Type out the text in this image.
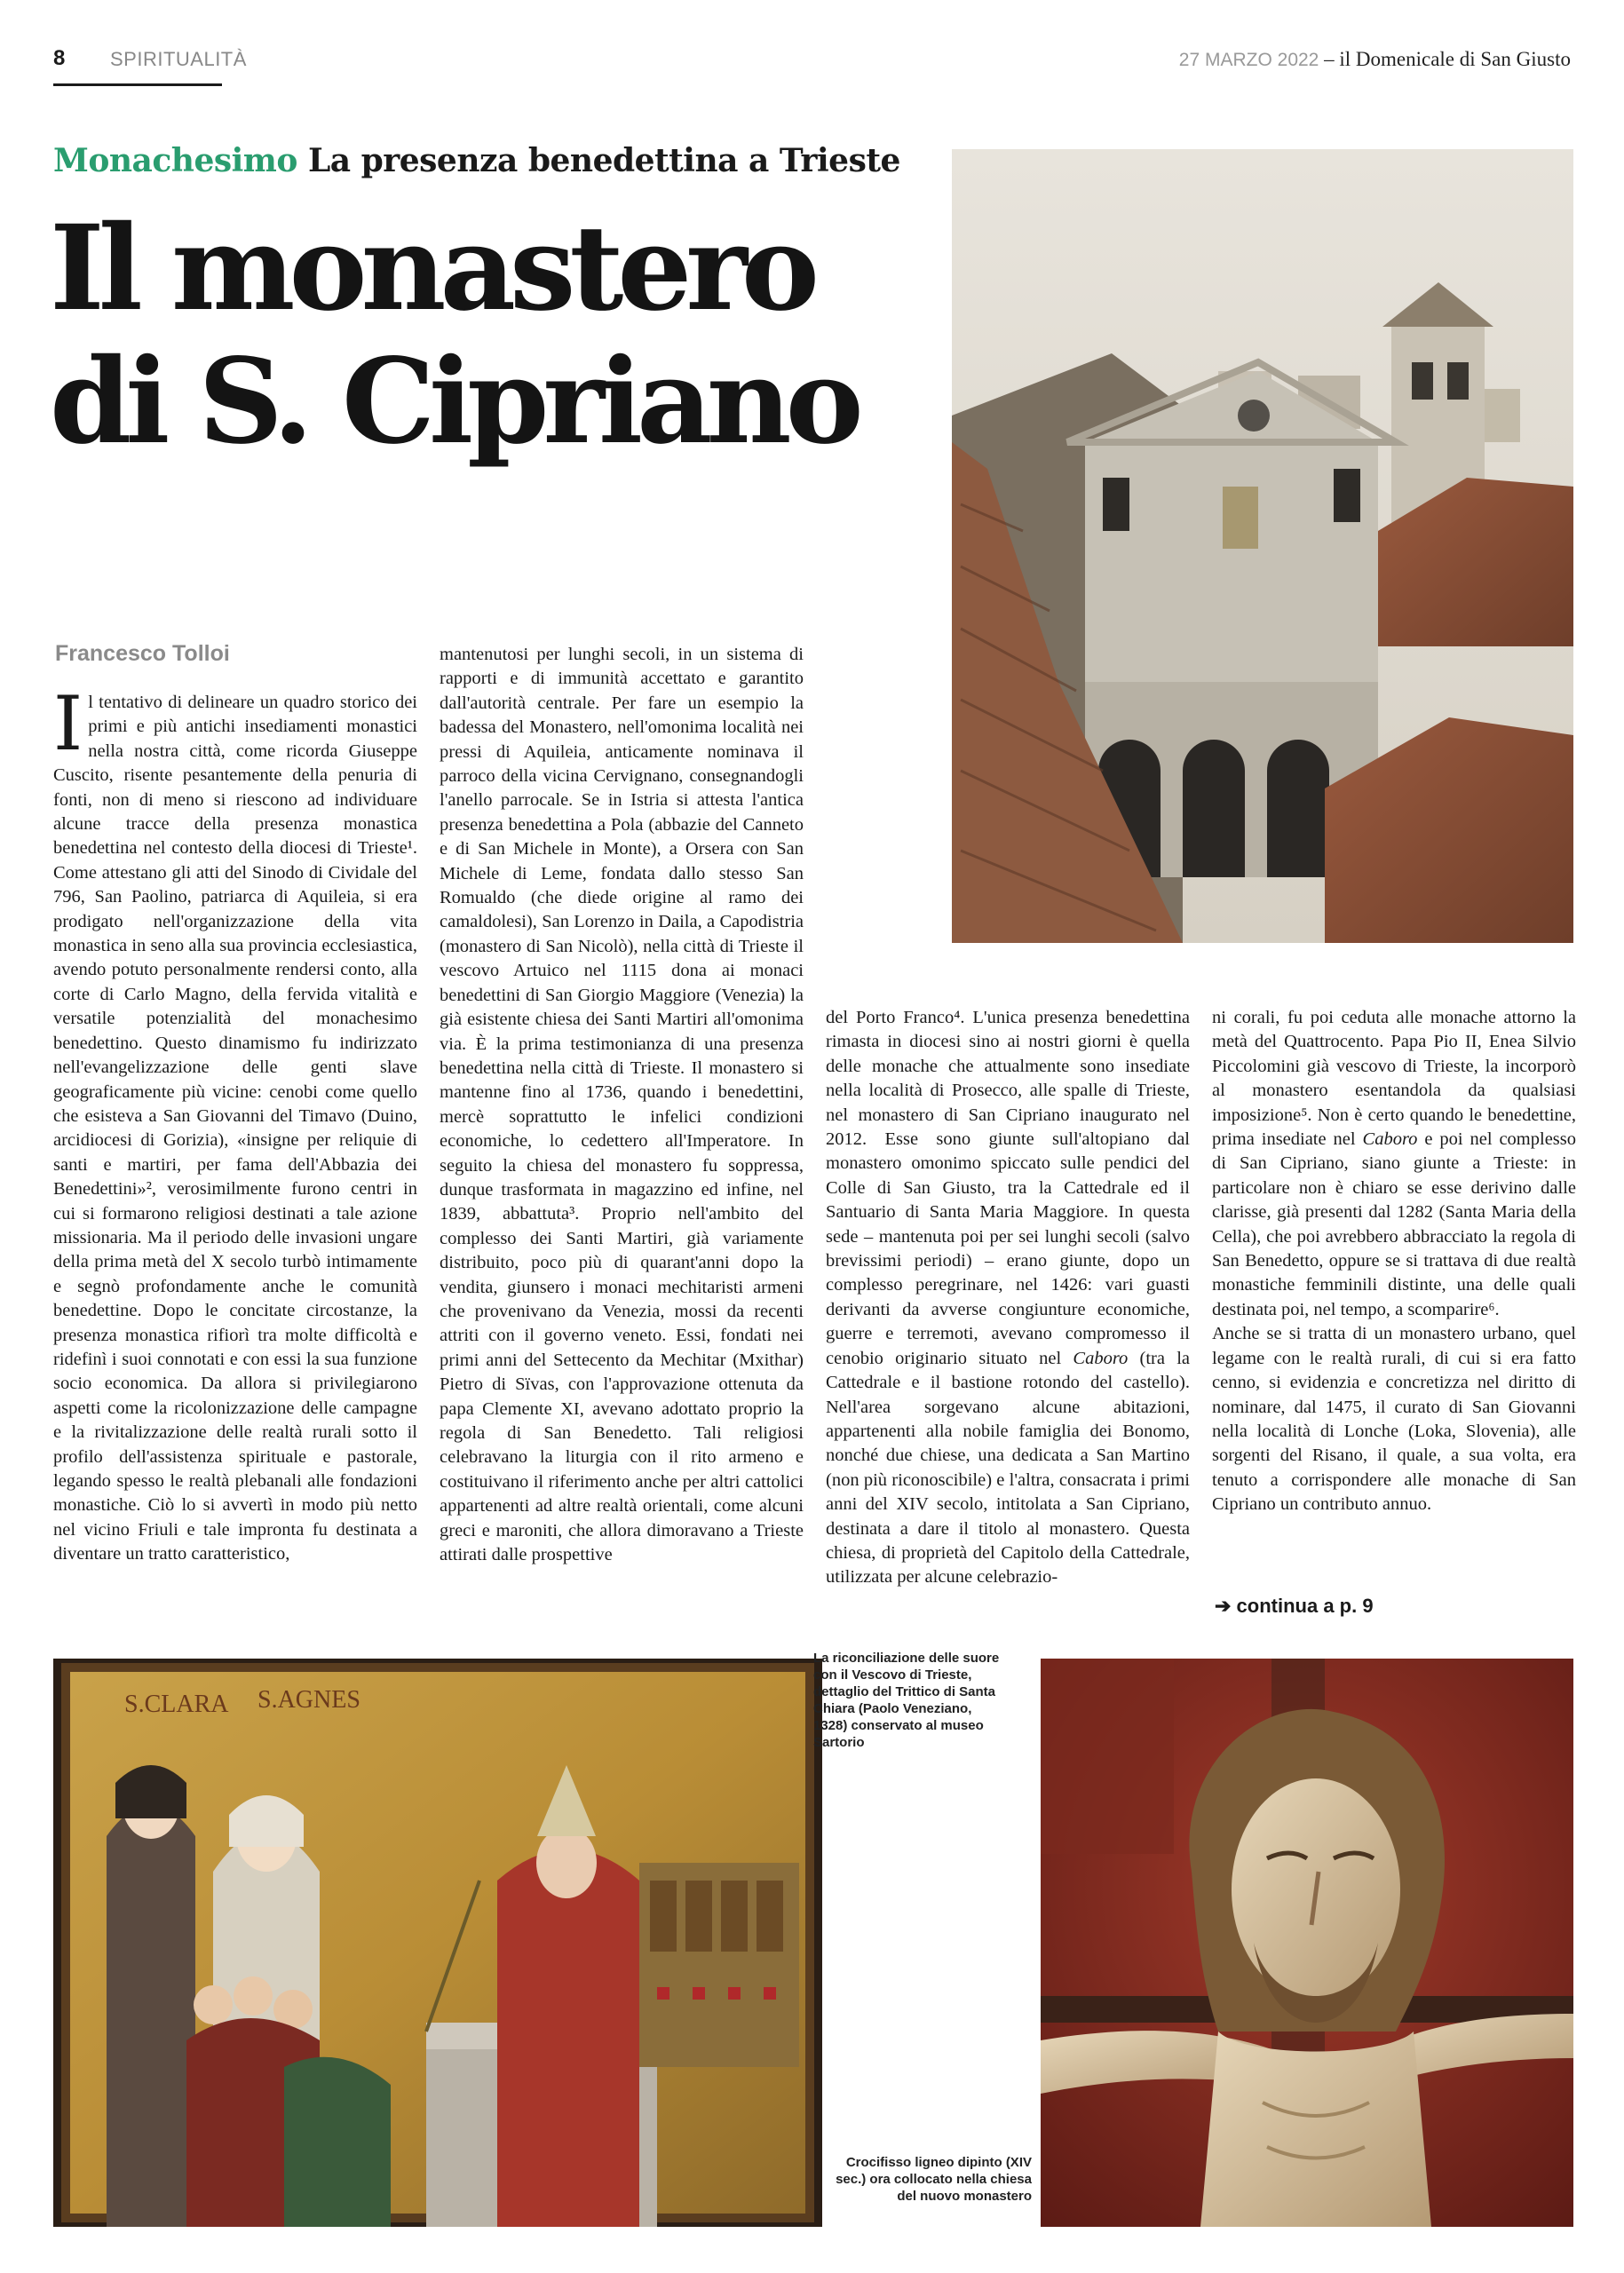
8 SPIRITUALITÀ	27 MARZO 2022 – il Domenicale di San Giusto
Monachesimo La presenza benedettina a Trieste
Il monastero
di S. Cipriano
Francesco Tolloi

Il tentativo di delineare un quadro storico dei primi e più antichi insediamenti monastici nella nostra città, come ricorda Giuseppe Cuscito, risente pesantemente della penuria di fonti, non di meno si riescono ad individuare alcune tracce della presenza monastica benedettina nel contesto della diocesi di Trieste¹. Come attestano gli atti del Sinodo di Cividale del 796, San Paolino, patriarca di Aquileia, si era prodigato nell'organizzazione della vita monastica in seno alla sua provincia ecclesiastica, avendo potuto personalmente rendersi conto, alla corte di Carlo Magno, della fervida vitalità e versatile potenzialità del monachesimo benedettino. Questo dinamismo fu indirizzato nell'evangelizzazione delle genti slave geograficamente più vicine: cenobi come quello che esisteva a San Giovanni del Timavo (Duino, arcidiocesi di Gorizia), «insigne per reliquie di santi e martiri, per fama dell'Abbazia dei Benedettini»², verosimilmente furono centri in cui si formarono religiosi destinati a tale azione missionaria. Ma il periodo delle invasioni ungare della prima metà del X secolo turbò intimamente e segnò profondamente anche le comunità benedettine. Dopo le concitate circostanze, la presenza monastica rifiorì tra molte difficoltà e ridefinì i suoi connotati e con essi la sua funzione socio economica. Da allora si privilegiarono aspetti come la ricolonizzazione delle campagne e la rivitalizzazione delle realtà rurali sotto il profilo dell'assistenza spirituale e pastorale, legando spesso le realtà plebanali alle fondazioni monastiche. Ciò lo si avvertì in modo più netto nel vicino Friuli e tale impronta fu destinata a diventare un tratto caratteristico,

mantenutosi per lunghi secoli, in un sistema di rapporti e di immunità accettato e garantito dall'autorità centrale. Per fare un esempio la badessa del Monastero, nell'omonima località nei pressi di Aquileia, anticamente nominava il parroco della vicina Cervignano, consegnandogli l'anello parrocale. Se in Istria si attesta l'antica presenza benedettina a Pola (abbazie del Canneto e di San Michele in Monte), a Orsera con San Michele di Leme, fondata dallo stesso San Romualdo (che diede origine al ramo dei camaldolesi), San Lorenzo in Daila, a Capodistria (monastero di San Nicolò), nella città di Trieste il vescovo Artuico nel 1115 dona ai monaci benedettini di San Giorgio Maggiore (Venezia) la già esistente chiesa dei Santi Martiri all'omonima via. È la prima testimonianza di una presenza benedettina nella città di Trieste. Il monastero si mantenne fino al 1736, quando i benedettini, mercè soprattutto le infelici condizioni economiche, lo cedettero all'Imperatore. In seguito la chiesa del monastero fu soppressa, dunque trasformata in magazzino ed infine, nel 1839, abbattuta³. Proprio nell'ambito del complesso dei Santi Martiri, già variamente distribuito, poco più di quarant'anni dopo la vendita, giunsero i monaci mechitaristi armeni che provenivano da Venezia, mossi da recenti attriti con il governo veneto. Essi, fondati nei primi anni del Settecento da Mechitar (Mxithar) Pietro di Sïvas, con l'approvazione ottenuta da papa Clemente XI, avevano adottato proprio la regola di San Benedetto. Tali religiosi celebravano la liturgia con il rito armeno e costituivano il riferimento anche per altri cattolici appartenenti ad altre realtà orientali, come alcuni greci e maroniti, che allora dimoravano a Trieste attirati dalle prospettive

del Porto Franco⁴. L'unica presenza benedettina rimasta in diocesi sino ai nostri giorni è quella delle monache che attualmente sono insediate nella località di Prosecco, alle spalle di Trieste, nel monastero di San Cipriano inaugurato nel 2012. Esse sono giunte sull'altopiano dal monastero omonimo spiccato sulle pendici del Colle di San Giusto, tra la Cattedrale ed il Santuario di Santa Maria Maggiore. In questa sede – mantenuta poi per sei lunghi secoli (salvo brevissimi periodi) – erano giunte, dopo un complesso peregrinare, nel 1426: vari guasti derivanti da avverse congiunture economiche, guerre e terremoti, avevano compromesso il cenobio originario situato nel Caboro (tra la Cattedrale e il bastione rotondo del castello). Nell'area sorgevano alcune abitazioni, appartenenti alla nobile famiglia dei Bonomo, nonché due chiese, una dedicata a San Martino (non più riconoscibile) e l'altra, consacrata i primi anni del XIV secolo, intitolata a San Cipriano, destinata a dare il titolo al monastero. Questa chiesa, di proprietà del Capitolo della Cattedrale, utilizzata per alcune celebrazio-

ni corali, fu poi ceduta alle monache attorno la metà del Quattrocento. Papa Pio II, Enea Silvio Piccolomini già vescovo di Trieste, la incorporò al monastero esentandola da qualsiasi imposizione⁵. Non è certo quando le benedettine, prima insediate nel Caboro e poi nel complesso di San Cipriano, siano giunte a Trieste: in particolare non è chiaro se esse derivino dalle clarisse, già presenti dal 1282 (Santa Maria della Cella), che poi avrebbero abbracciato la regola di San Benedetto, oppure se si trattava di due realtà monastiche femminili distinte, una delle quali destinata poi, nel tempo, a scomparire⁶.

Anche se si tratta di un monastero urbano, quel legame con le realtà rurali, di cui si era fatto cenno, si evidenzia e concretizza nel diritto di nominare, dal 1475, il curato di San Giovanni nella località di Lonche (Loka, Slovenia), alle sorgenti del Risano, il quale, a sua volta, era tenuto a corrispondere alle monache di San Cipriano un contributo annuo.

➔ continua a p. 9
S.CLARA S.AGNES
La riconciliazione delle suore con il Vescovo di Trieste, dettaglio del Trittico di Santa Chiara (Paolo Veneziano, 1328) conservato al museo Sartorio
Crocifisso ligneo dipinto (XIV sec.) ora collocato nella chiesa del nuovo monastero
